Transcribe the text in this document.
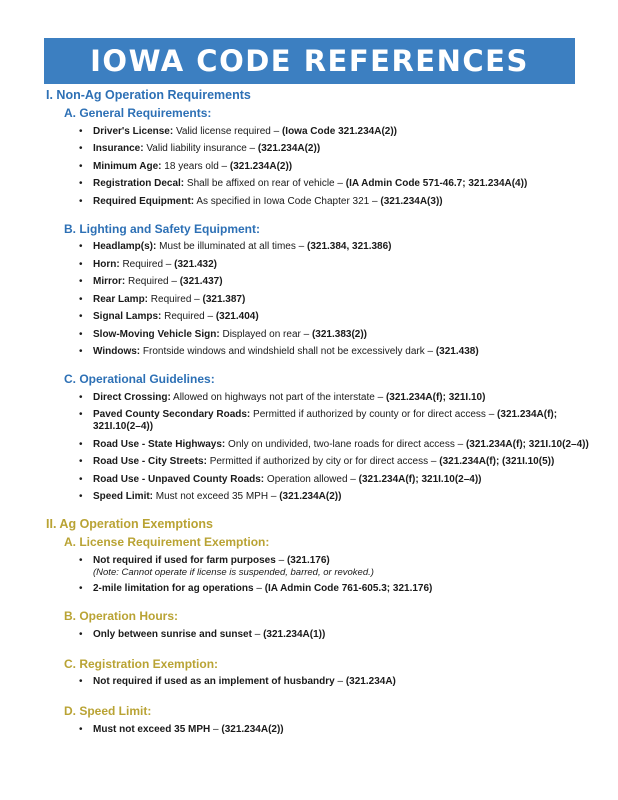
IOWA CODE REFERENCES
I. Non-Ag Operation Requirements
A. General Requirements:
• Driver's License: Valid license required – (Iowa Code 321.234A(2))
• Insurance: Valid liability insurance – (321.234A(2))
• Minimum Age: 18 years old – (321.234A(2))
• Registration Decal: Shall be affixed on rear of vehicle – (IA Admin Code 571-46.7; 321.234A(4))
• Required Equipment: As specified in Iowa Code Chapter 321 – (321.234A(3))
B. Lighting and Safety Equipment:
• Headlamp(s): Must be illuminated at all times – (321.384, 321.386)
• Horn: Required – (321.432)
• Mirror: Required – (321.437)
• Rear Lamp: Required – (321.387)
• Signal Lamps: Required – (321.404)
• Slow-Moving Vehicle Sign: Displayed on rear – (321.383(2))
• Windows: Frontside windows and windshield shall not be excessively dark – (321.438)
C. Operational Guidelines:
• Direct Crossing: Allowed on highways not part of the interstate – (321.234A(f); 321I.10)
• Paved County Secondary Roads: Permitted if authorized by county or for direct access – (321.234A(f); 321I.10(2–4))
• Road Use - State Highways: Only on undivided, two-lane roads for direct access – (321.234A(f); 321I.10(2–4))
• Road Use - City Streets: Permitted if authorized by city or for direct access – (321.234A(f); (321I.10(5))
• Road Use - Unpaved County Roads: Operation allowed – (321.234A(f); 321I.10(2–4))
• Speed Limit: Must not exceed 35 MPH – (321.234A(2))
II. Ag Operation Exemptions
A. License Requirement Exemption:
• Not required if used for farm purposes – (321.176)
(Note: Cannot operate if license is suspended, barred, or revoked.)
• 2-mile limitation for ag operations – (IA Admin Code 761-605.3; 321.176)
B. Operation Hours:
• Only between sunrise and sunset – (321.234A(1))
C. Registration Exemption:
• Not required if used as an implement of husbandry – (321.234A)
D. Speed Limit:
• Must not exceed 35 MPH – (321.234A(2))
